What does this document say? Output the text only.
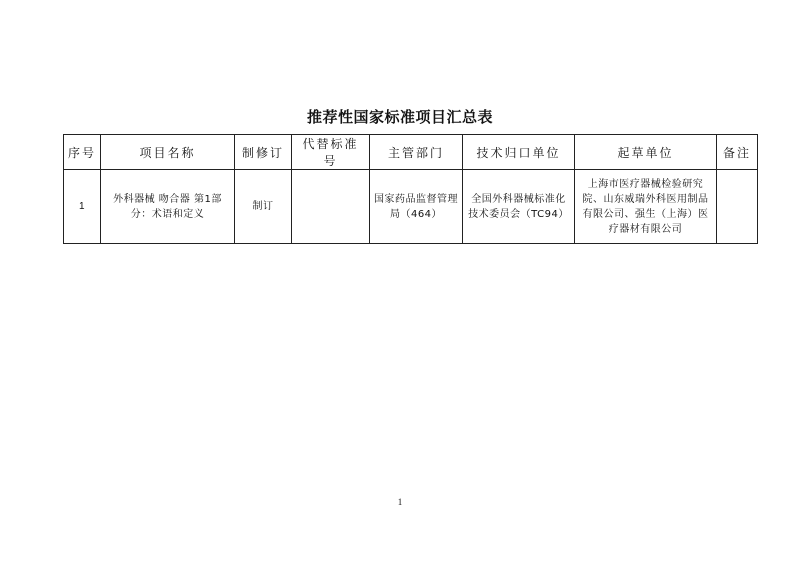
推荐性国家标准项目汇总表
序号	项目名称	制修订	代替标准号	主管部门	技术归口单位	起草单位	备注
1	外科器械 吻合器 第1部分：术语和定义	制订		国家药品监督管理局（464）	全国外科器械标准化技术委员会（TC94）	上海市医疗器械检验研究院、山东威瑞外科医用制品有限公司、强生（上海）医疗器材有限公司	
1
